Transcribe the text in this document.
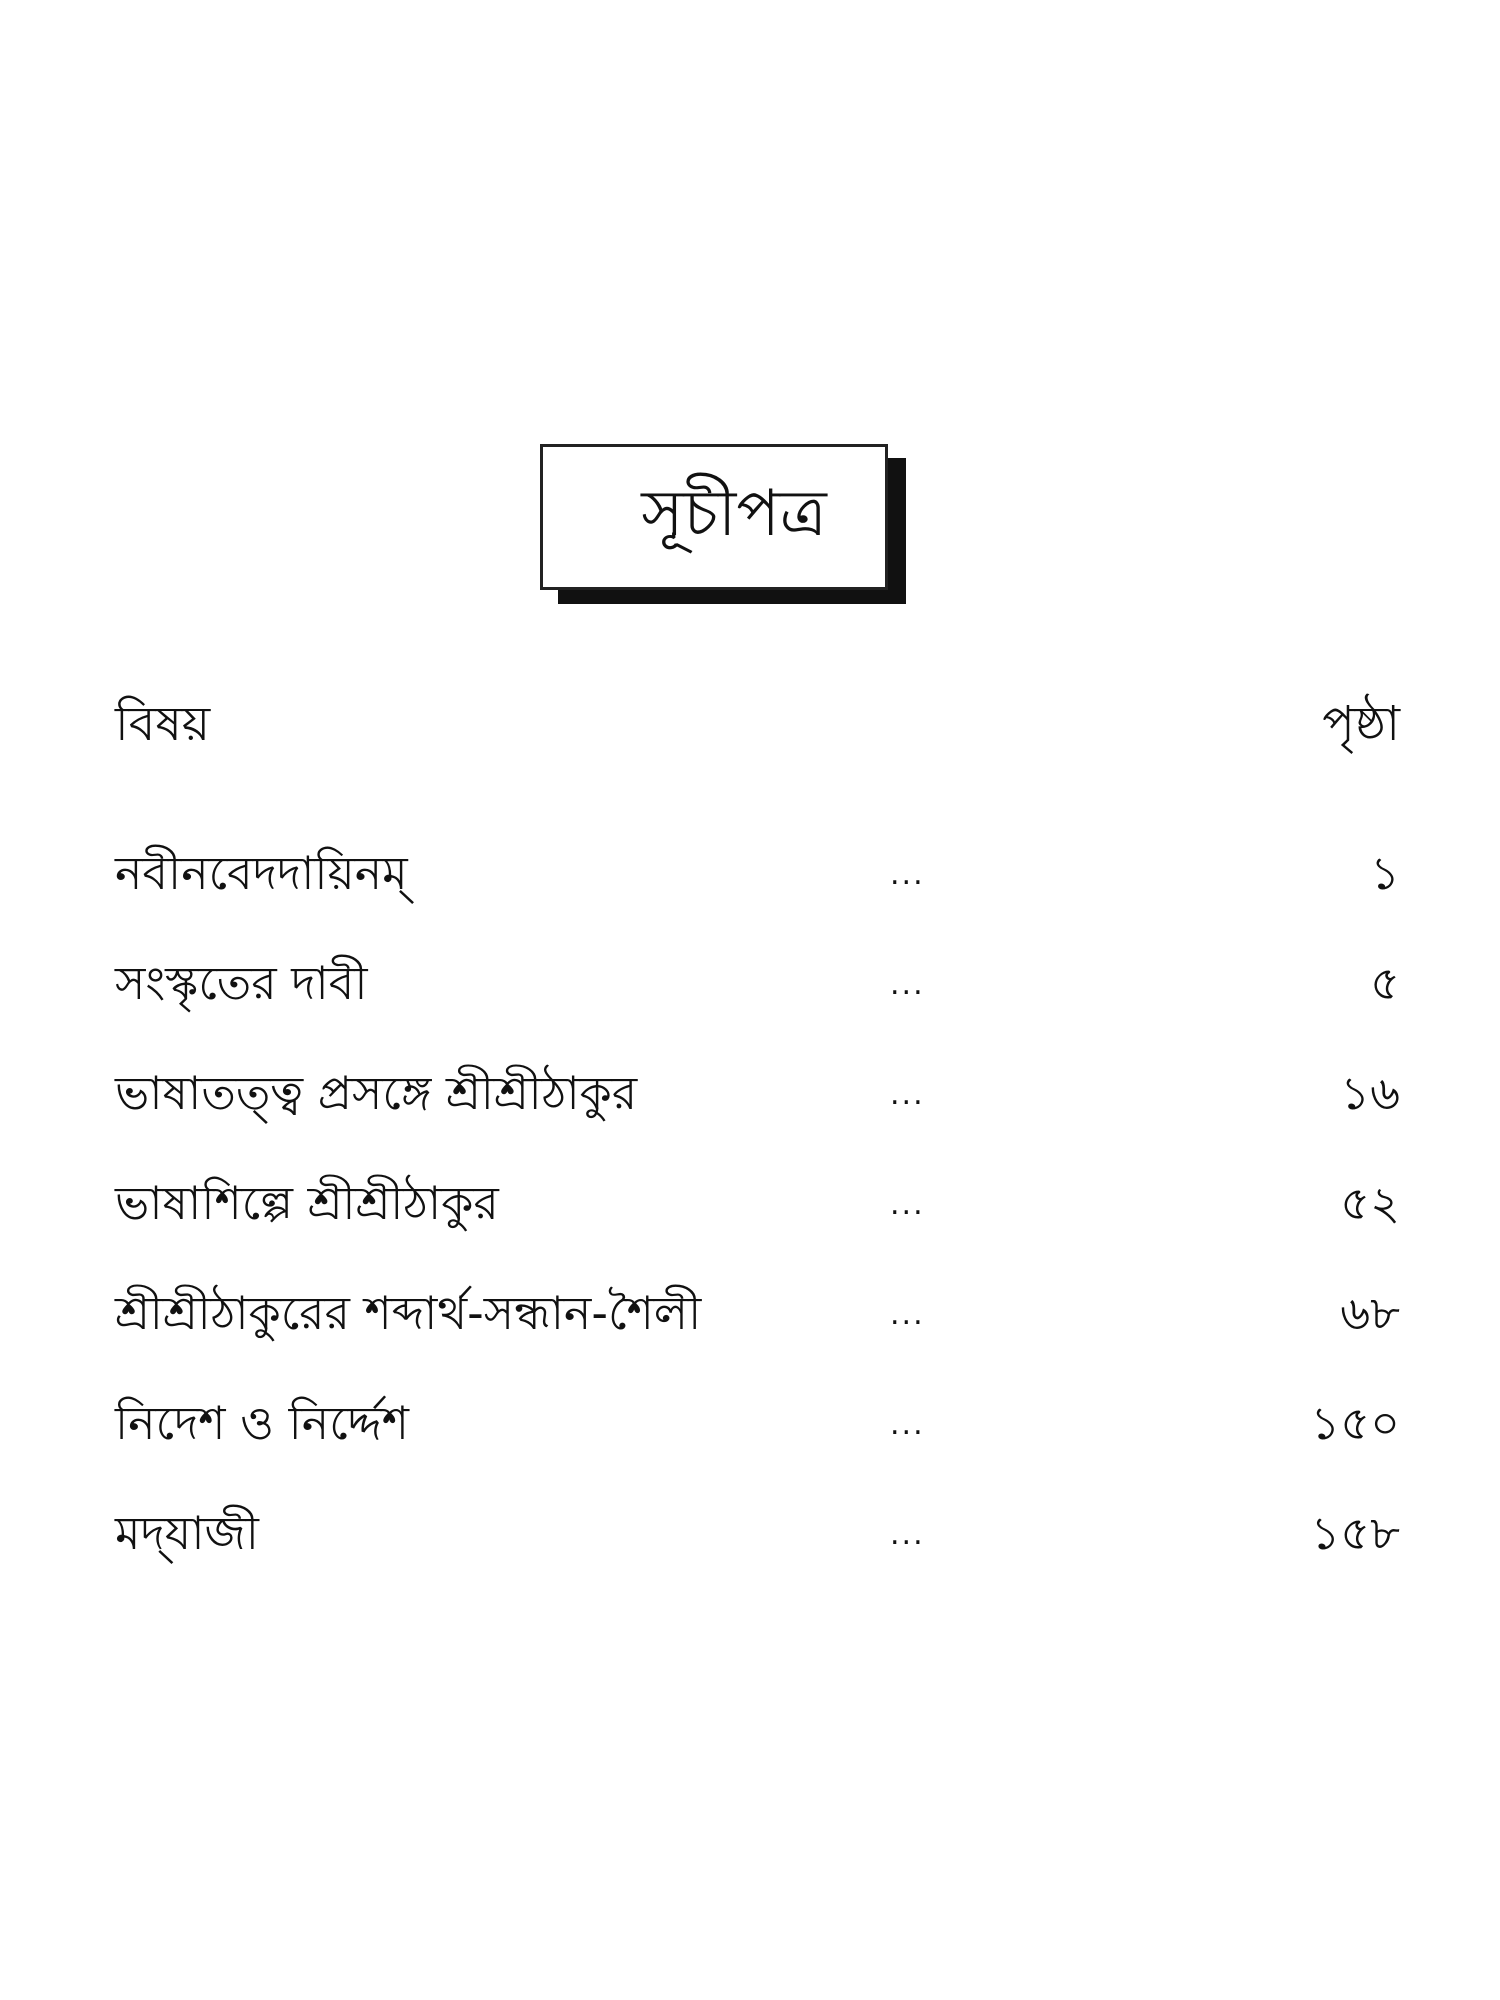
সূচীপত্র
বিষয়	পৃষ্ঠা
নবীনবেদদায়িনম্	...	১
সংস্কৃতের দাবী	...	৫
ভাষাতত্ত্ব প্রসঙ্গে শ্রীশ্রীঠাকুর	...	১৬
ভাষাশিল্পে শ্রীশ্রীঠাকুর	...	৫২
শ্রীশ্রীঠাকুরের শব্দার্থ-সন্ধান-শৈলী	...	৬৮
নিদেশ ও নির্দ্দেশ	...	১৫০
মদ্‌যাজী	...	১৫৮
